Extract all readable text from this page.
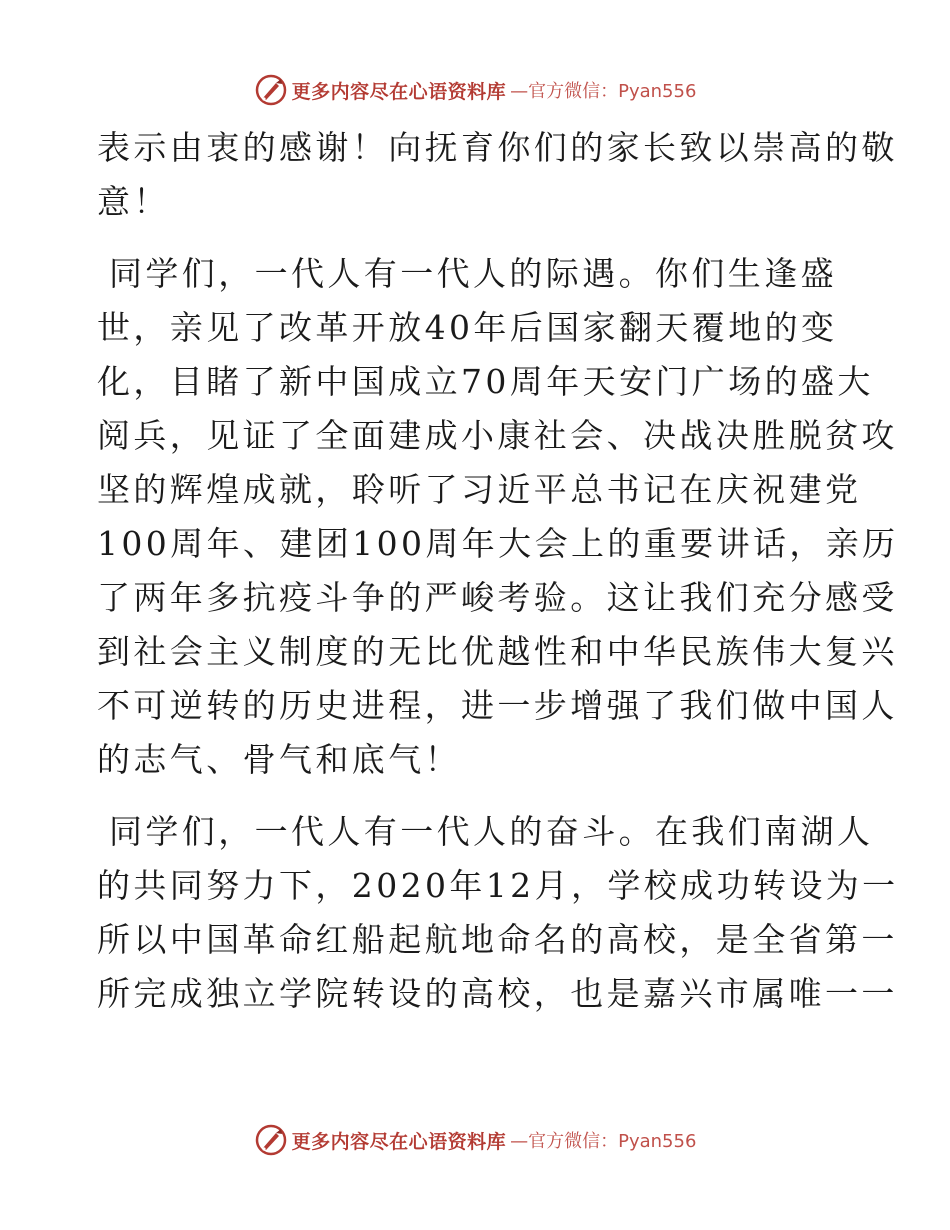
更多内容尽在心语资料库 —官方微信：Pyan556
表示由衷的感谢！向抚育你们的家长致以崇高的敬
意！
同学们，一代人有一代人的际遇。你们生逢盛
世，亲见了改革开放40年后国家翻天覆地的变
化，目睹了新中国成立70周年天安门广场的盛大
阅兵，见证了全面建成小康社会、决战决胜脱贫攻
坚的辉煌成就，聆听了习近平总书记在庆祝建党
100周年、建团100周年大会上的重要讲话，亲历
了两年多抗疫斗争的严峻考验。这让我们充分感受
到社会主义制度的无比优越性和中华民族伟大复兴
不可逆转的历史进程，进一步增强了我们做中国人
的志气、骨气和底气！
同学们，一代人有一代人的奋斗。在我们南湖人
的共同努力下，2020年12月，学校成功转设为一
所以中国革命红船起航地命名的高校，是全省第一
所完成独立学院转设的高校，也是嘉兴市属唯一一
更多内容尽在心语资料库 —官方微信：Pyan556
